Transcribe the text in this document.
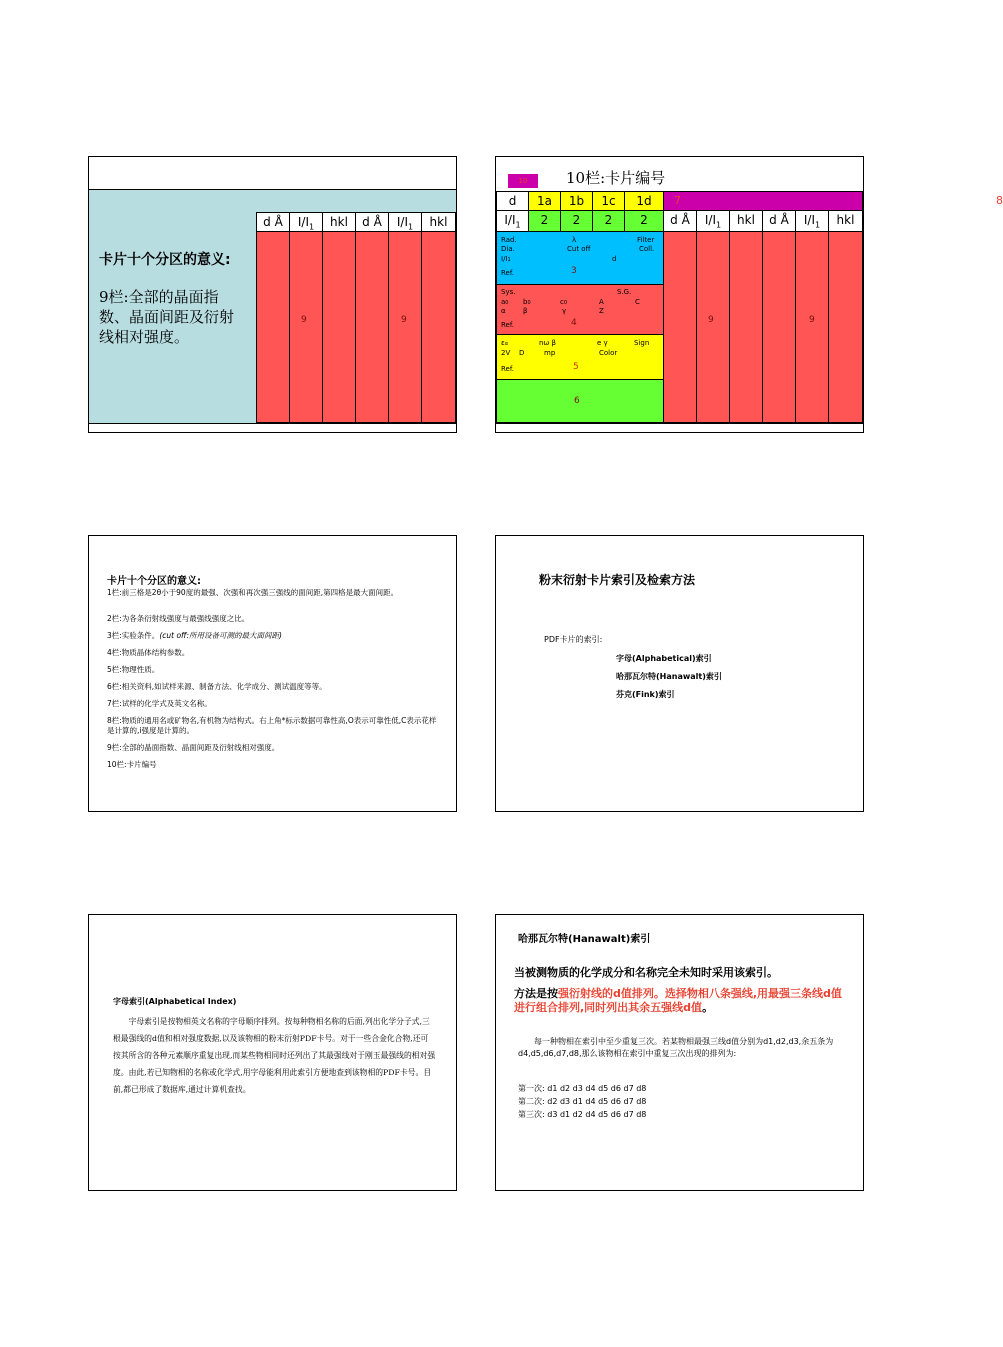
d Å	$I/I_1$	hkl	d Å	$I/I_1$	hkl
9	9
卡片十个分区的意义:
9栏:全部的晶面指数、晶面间距及衍射线相对强度。
10	10栏:卡片编号
d	1a	1b	1c	1d	7	8
$I/I_1$	2	2	2	2	d Å	$I/I_1$	hkl	d Å	$I/I_1$	hkl
Rad.	λ	Filter
Dia.	Cut off	Coll.
I/I1	d
Ref.	3
Sys.	S.G.
a0 b0	c0	A	C
α β	γ	Z
Ref.	4
εα	nω β	e γ	Sign
2V D	mp	Color
Ref.	5
6
9	9
卡片十个分区的意义:
1栏:前三格是2θ小于90度的最强、次强和再次强三强线的面间距,第四格是最大面间距。
2栏:为各条衍射线强度与最强线强度之比。
3栏:实验条件。(cut off:所用设备可测的最大面间距)
4栏:物质晶体结构参数。
5栏:物理性质。
6栏:相关资料,如试样来源、制备方法、化学成分、测试温度等等。
7栏:试样的化学式及英文名称。
8栏:物质的通用名或矿物名,有机物为结构式。右上角*标示数据可靠性高,O表示可靠性低,C表示花样是计算的,i强度是计算的。
9栏:全部的晶面指数、晶面间距及衍射线相对强度。
10栏:卡片编号
粉末衍射卡片索引及检索方法
PDF卡片的索引:
字母(Alphabetical)索引
哈那瓦尔特(Hanawalt)索引
芬克(Fink)索引
字母索引(Alphabetical Index)
字母索引是按物相英文名称的字母顺序排列。按每种物相名称的后面,列出化学分子式,三根最强线的d值和相对强度数据,以及该物相的粉末衍射PDF卡号。对于一些合金化合物,还可按其所含的各种元素顺序重复出现,而某些物相同时还列出了其最强线对于刚玉最强线的相对强度。由此,若已知物相的名称或化学式,用字母能利用此索引方便地查到该物相的PDF卡号。目前,都已形成了数据库,通过计算机查找。
哈那瓦尔特(Hanawalt)索引
当被测物质的化学成分和名称完全未知时采用该索引。
方法是按强衍射线的d值排列。选择物相八条强线,用最强三条线d值进行组合排列,同时列出其余五强线d值。
每一种物相在索引中至少重复三次。若某物相最强三线d值分别为d1,d2,d3,余五条为d4,d5,d6,d7,d8,那么该物相在索引中重复三次出现的排列为:
第一次: d1 d2 d3 d4 d5 d6 d7 d8
第二次: d2 d3 d1 d4 d5 d6 d7 d8
第三次: d3 d1 d2 d4 d5 d6 d7 d8
